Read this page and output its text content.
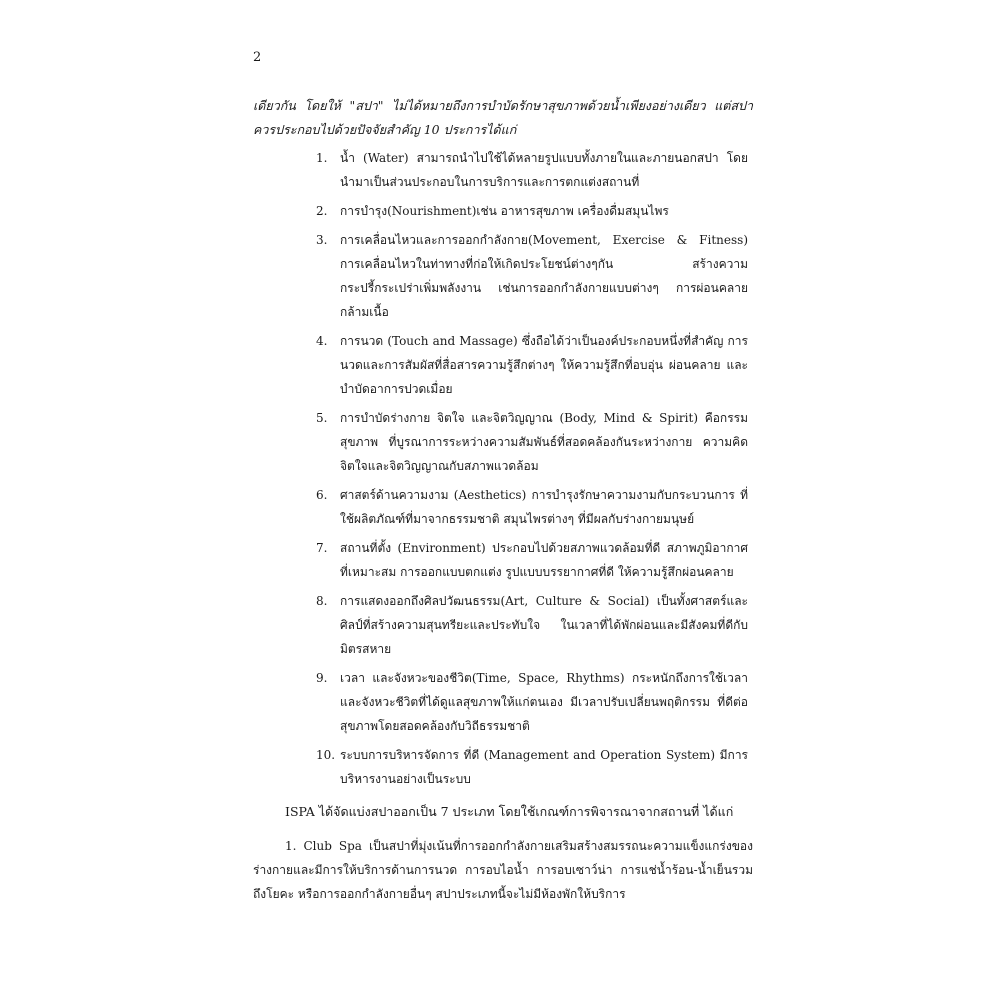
2

เดียวกัน โดยให้ "สปา" ไม่ได้หมายถึงการบำบัดรักษาสุขภาพด้วยน้ำเพียงอย่างเดียว แต่สปาควรประกอบไปด้วยปัจจัยสำคัญ 10 ประการได้แก่

1. น้ำ (Water) สามารถนำไปใช้ได้หลายรูปแบบทั้งภายในและภายนอกสปา โดยนำมาเป็นส่วนประกอบในการบริการและการตกแต่งสถานที่
2. การบำรุง(Nourishment)เช่น อาหารสุขภาพ เครื่องดื่มสมุนไพร
3. การเคลื่อนไหวและการออกกำลังกาย(Movement, Exercise & Fitness) การเคลื่อนไหวในท่าทางที่ก่อให้เกิดประโยชน์ต่างๆกัน สร้างความกระปรี้กระเปร่าเพิ่มพลังงาน เช่นการออกกำลังกายแบบต่างๆ การผ่อนคลายกล้ามเนื้อ
4. การนวด (Touch and Massage) ซึ่งถือได้ว่าเป็นองค์ประกอบหนึ่งที่สำคัญ การนวดและการสัมผัสที่สื่อสารความรู้สึกต่างๆ ให้ความรู้สึกที่อบอุ่น ผ่อนคลาย และบำบัดอาการปวดเมื่อย
5. การบำบัดร่างกาย จิตใจ และจิตวิญญาณ (Body, Mind & Spirit) คือกรรมสุขภาพ ที่บูรณาการระหว่างความสัมพันธ์ที่สอดคล้องกันระหว่างกาย ความคิด จิตใจและจิตวิญญาณกับสภาพแวดล้อม
6. ศาสตร์ด้านความงาม (Aesthetics) การบำรุงรักษาความงามกับกระบวนการ ที่ใช้ผลิตภัณฑ์ที่มาจากธรรมชาติ สมุนไพรต่างๆ ที่มีผลกับร่างกายมนุษย์
7. สถานที่ตั้ง (Environment) ประกอบไปด้วยสภาพแวดล้อมที่ดี สภาพภูมิอากาศที่เหมาะสม การออกแบบตกแต่ง รูปแบบบรรยากาศที่ดี ให้ความรู้สึกผ่อนคลาย
8. การแสดงออกถึงศิลปวัฒนธรรม(Art, Culture & Social) เป็นทั้งศาสตร์และศิลป์ที่สร้างความสุนทรียะและประทับใจ ในเวลาที่ได้พักผ่อนและมีสังคมที่ดีกับมิตรสหาย
9. เวลา และจังหวะของชีวิต(Time, Space, Rhythms) กระหนักถึงการใช้เวลา และจังหวะชีวิตที่ได้ดูแลสุขภาพให้แก่ตนเอง มีเวลาปรับเปลี่ยนพฤติกรรม ที่ดีต่อสุขภาพโดยสอดคล้องกับวิถีธรรมชาติ
10. ระบบการบริหารจัดการ ที่ดี (Management and Operation System) มีการบริหารงานอย่างเป็นระบบ
ISPA ได้จัดแบ่งสปาออกเป็น 7 ประเภท โดยใช้เกณฑ์การพิจารณาจากสถานที่ ได้แก่

1. Club Spa เป็นสปาที่มุ่งเน้นที่การออกกำลังกายเสริมสร้างสมรรถนะความแข็งแกร่งของร่างกายและมีการให้บริการด้านการนวด การอบไอน้ำ การอบเซาว์น่า การแช่น้ำร้อน-น้ำเย็นรวมถึงโยคะ หรือการออกกำลังกายอื่นๆ สปาประเภทนี้จะไม่มีห้องพักให้บริการ
